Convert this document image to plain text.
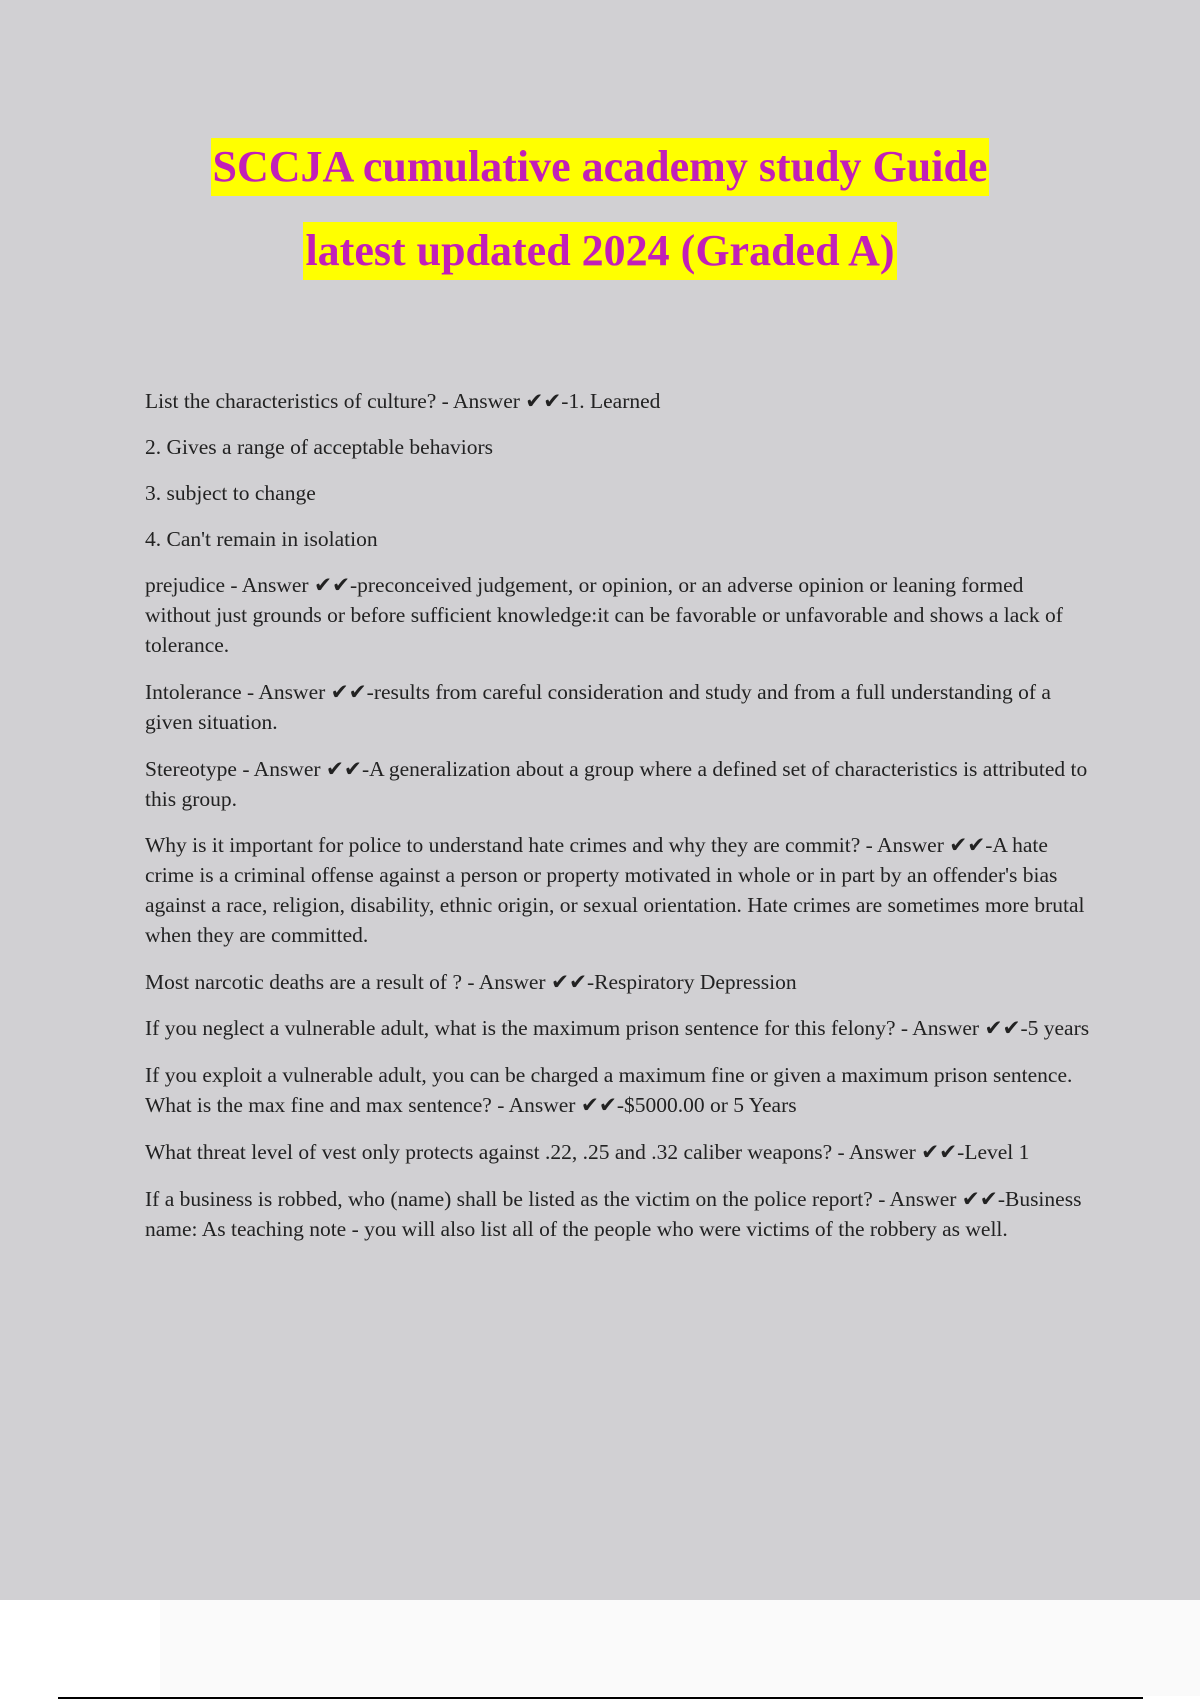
SCCJA cumulative academy study Guide
latest updated 2024 (Graded A)

List the characteristics of culture? - Answer ✔✔-1. Learned

2. Gives a range of acceptable behaviors

3. subject to change

4. Can't remain in isolation

prejudice - Answer ✔✔-preconceived judgement, or opinion, or an adverse opinion or leaning formed without just grounds or before sufficient knowledge:it can be favorable or unfavorable and shows a lack of tolerance.

Intolerance - Answer ✔✔-results from careful consideration and study and from a full understanding of a given situation.

Stereotype - Answer ✔✔-A generalization about a group where a defined set of characteristics is attributed to this group.

Why is it important for police to understand hate crimes and why they are commit? - Answer ✔✔-A hate crime is a criminal offense against a person or property motivated in whole or in part by an offender's bias against a race, religion, disability, ethnic origin, or sexual orientation. Hate crimes are sometimes more brutal when they are committed.

Most narcotic deaths are a result of ? - Answer ✔✔-Respiratory Depression

If you neglect a vulnerable adult, what is the maximum prison sentence for this felony? - Answer ✔✔-5 years

If you exploit a vulnerable adult, you can be charged a maximum fine or given a maximum prison sentence. What is the max fine and max sentence? - Answer ✔✔-$5000.00 or 5 Years

What threat level of vest only protects against .22, .25 and .32 caliber weapons? - Answer ✔✔-Level 1

If a business is robbed, who (name) shall be listed as the victim on the police report? - Answer ✔✔-Business name: As teaching note - you will also list all of the people who were victims of the robbery as well.
